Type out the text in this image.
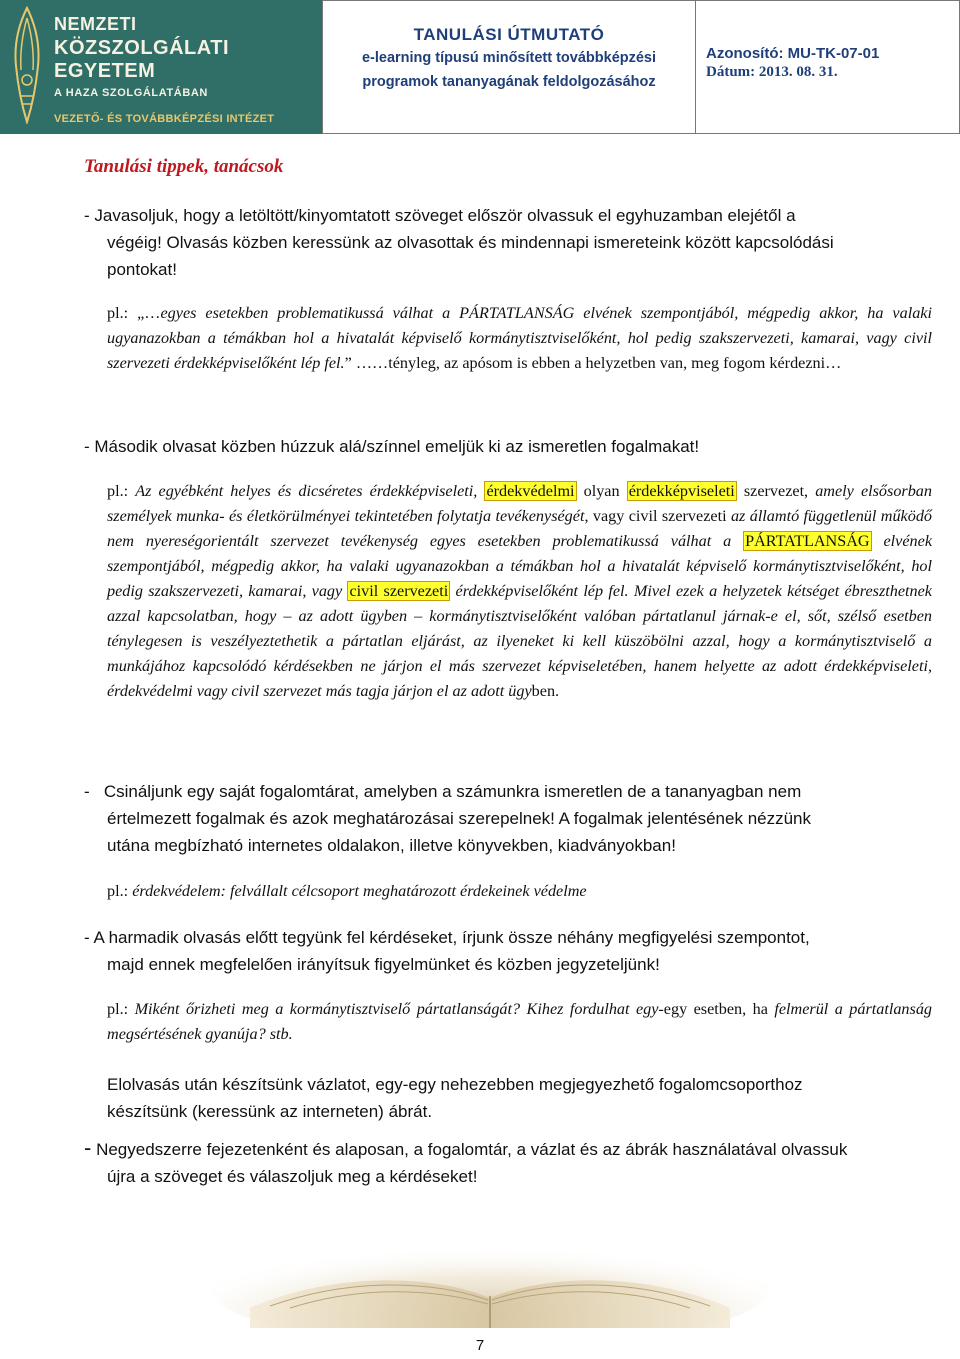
NEMZETI
KÖZSZOLGÁLATI EGYETEM
A HAZA SZOLGÁLATÁBAN
VEZETŐ- ÉS TOVÁBBKÉPZÉSI INTÉZET
TANULÁSI ÚTMUTATÓ
e-learning típusú minősített továbbképzési
programok tananyagának feldolgozásához
Azonosító: MU-TK-07-01
Dátum: 2013. 08. 31.
Tanulási tippek, tanácsok
- Javasoljuk, hogy a letöltött/kinyomtatott szöveget először olvassuk el egyhuzamban elejétől a
végéig! Olvasás közben keressünk az olvasottak és mindennapi ismereteink között kapcsolódási
pontokat!
pl.: „…egyes esetekben problematikussá válhat a PÁRTATLANSÁG elvének szempontjából, mégpedig akkor, ha valaki ugyanazokban a témákban hol a hivatalát képviselő kormánytisztviselőként, hol pedig szakszervezeti, kamarai, vagy civil szervezeti érdekképviselőként lép fel.” ……tényleg, az apósom is ebben a helyzetben van, meg fogom kérdezni…
- Második olvasat közben húzzuk alá/színnel emeljük ki az ismeretlen fogalmakat!
pl.: Az egyébként helyes és dicséretes érdekképviseleti, érdekvédelmi olyan érdekképviseleti szervezet, amely elsősorban személyek munka- és életkörülményei tekintetében folytatja tevékenységét, vagy civil szervezeti az államtó függetlenül működő nem nyereségorientált szervezet tevékenység egyes esetekben problematikussá válhat a PÁRTATLANSÁG elvének szempontjából, mégpedig akkor, ha valaki ugyanazokban a témákban hol a hivatalát képviselő kormánytisztviselőként, hol pedig szakszervezeti, kamarai, vagy civil szervezeti érdekképviselőként lép fel. Mivel ezek a helyzetek kétséget ébreszthetnek azzal kapcsolatban, hogy – az adott ügyben – kormánytisztviselőként valóban pártatlanul járnak-e el, sőt, szélső esetben ténylegesen is veszélyeztethetik a pártatlan eljárást, az ilyeneket ki kell küszöbölni azzal, hogy a kormánytisztviselő a munkájához kapcsolódó kérdésekben ne járjon el más szervezet képviseletében, hanem helyette az adott érdekképviseleti, érdekvédelmi vagy civil szervezet más tagja járjon el az adott ügyben.
- Csináljunk egy saját fogalomtárat, amelyben a számunkra ismeretlen de a tananyagban nem
értelmezett fogalmak és azok meghatározásai szerepelnek! A fogalmak jelentésének nézzünk
utána megbízható internetes oldalakon, illetve könyvekben, kiadványokban!
pl.: érdekvédelem: felvállalt célcsoport meghatározott érdekeinek védelme
- A harmadik olvasás előtt tegyünk fel kérdéseket, írjunk össze néhány megfigyelési szempontot,
majd ennek megfelelően irányítsuk figyelmünket és közben jegyzeteljünk!
pl.: Miként őrizheti meg a kormánytisztviselő pártatlanságát? Kihez fordulhat egy-egy esetben, ha felmerül a pártatlanság megsértésének gyanúja? stb.
Elolvasás után készítsünk vázlatot, egy-egy nehezebben megjegyezhető fogalomcsoporthoz
készítsünk (keressünk az interneten) ábrát.
- Negyedszerre fejezetenként és alaposan, a fogalomtár, a vázlat és az ábrák használatával olvassuk
újra a szöveget és válaszoljuk meg a kérdéseket!
7
